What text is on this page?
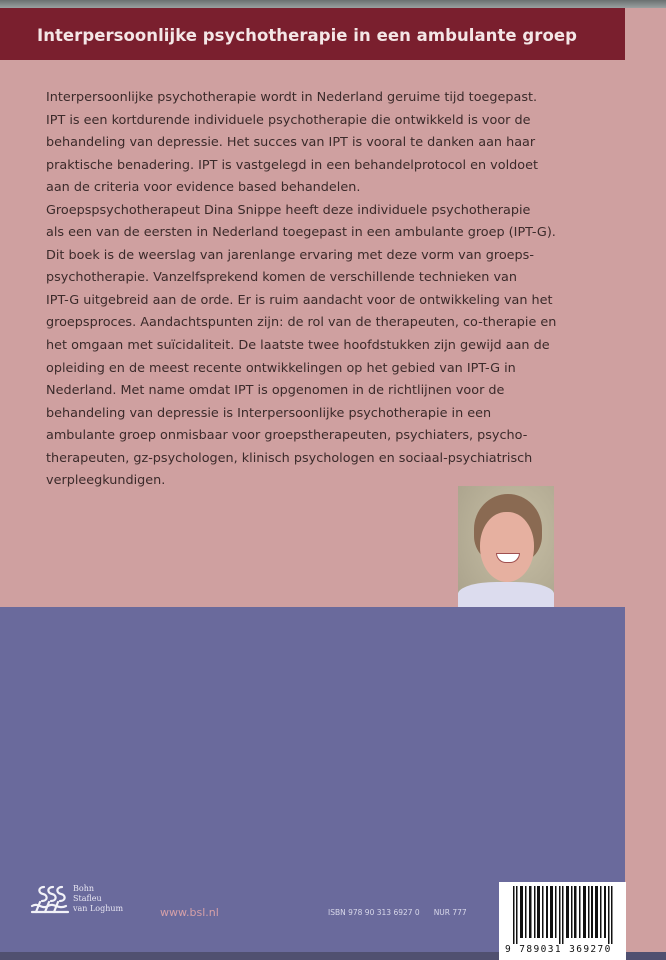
Interpersoonlijke psychotherapie in een ambulante groep
Interpersoonlijke psychotherapie wordt in Nederland geruime tijd toegepast.
IPT is een kortdurende individuele psychotherapie die ontwikkeld is voor de
behandeling van depressie. Het succes van IPT is vooral te danken aan haar
praktische benadering. IPT is vastgelegd in een behandelprotocol en voldoet
aan de criteria voor evidence based behandelen.
Groepspsychotherapeut Dina Snippe heeft deze individuele psychotherapie
als een van de eersten in Nederland toegepast in een ambulante groep (IPT-G).
Dit boek is de weerslag van jarenlange ervaring met deze vorm van groeps-
psychotherapie. Vanzelfsprekend komen de verschillende technieken van
IPT-G uitgebreid aan de orde. Er is ruim aandacht voor de ontwikkeling van het
groepsproces. Aandachtspunten zijn: de rol van de therapeuten, co-therapie en
het omgaan met suïcidaliteit. De laatste twee hoofdstukken zijn gewijd aan de
opleiding en de meest recente ontwikkelingen op het gebied van IPT-G in
Nederland. Met name omdat IPT is opgenomen in de richtlijnen voor de
behandeling van depressie is Interpersoonlijke psychotherapie in een
ambulante groep onmisbaar voor groepstherapeuten, psychiaters, psycho-
therapeuten, gz-psychologen, klinisch psychologen en sociaal-psychiatrisch
verpleegkundigen.
Bohn
Stafleu
van Loghum	www.bsl.nl	ISBN 978 90 313 6927 0 NUR 777
9 789031 369270
